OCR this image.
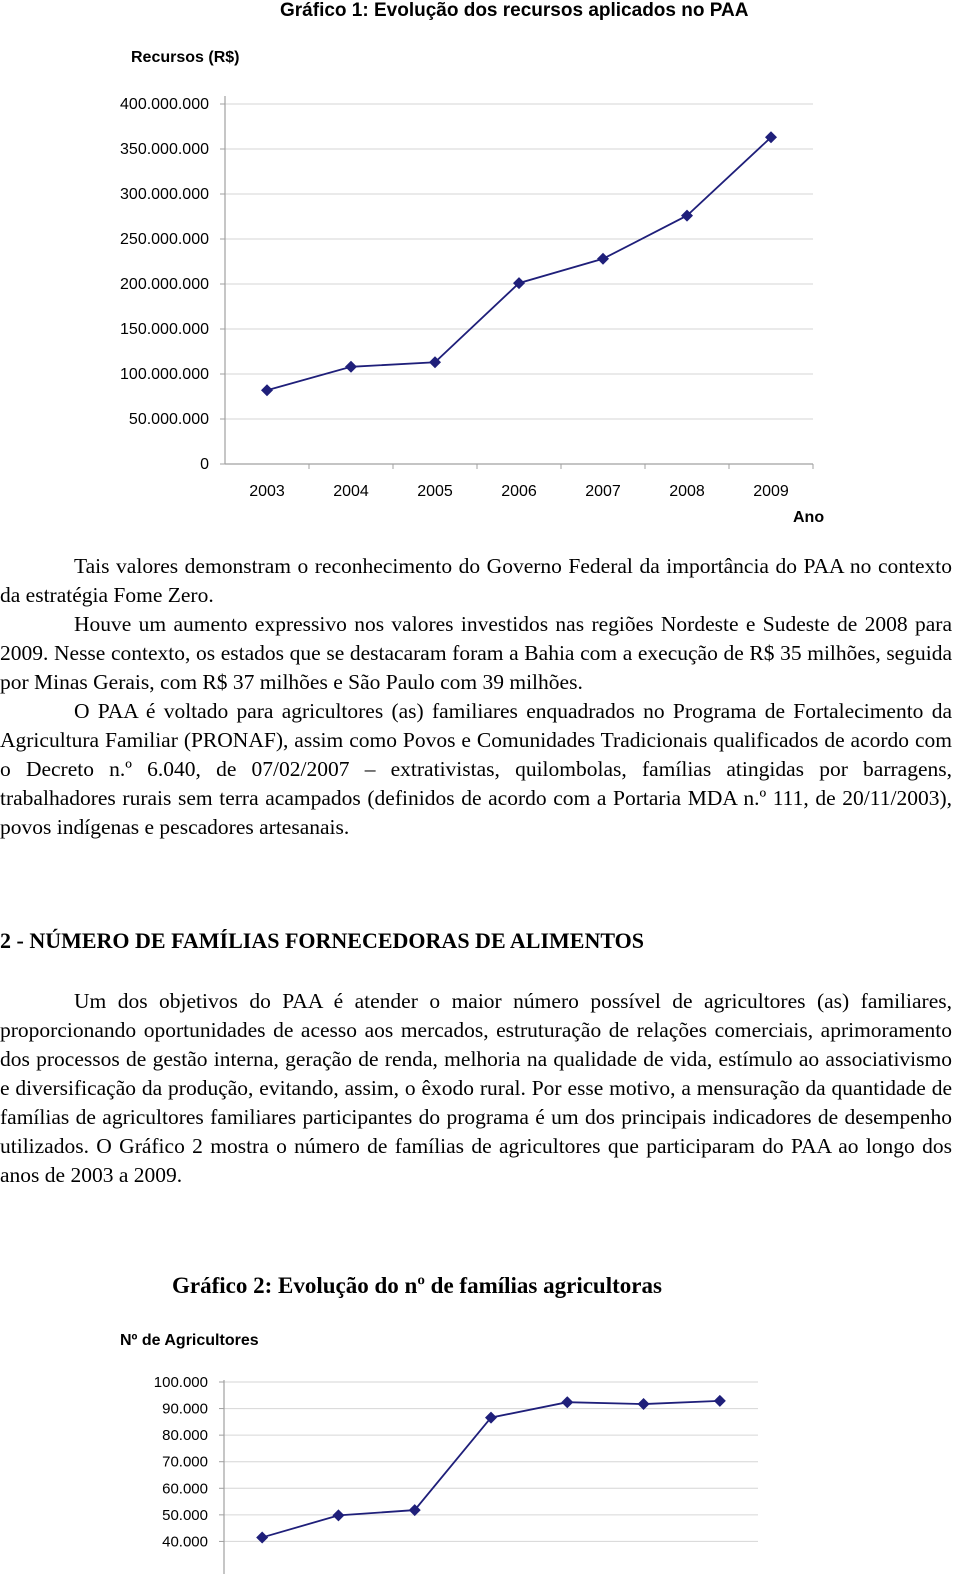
Gráfico 1: Evolução dos recursos aplicados no PAA
Recursos (R$)
0
50.000.000
100.000.000
150.000.000
200.000.000
250.000.000
300.000.000
350.000.000
400.000.000
2003	2004	2005	2006	2007	2008	2009
Ano

Tais valores demonstram o reconhecimento do Governo Federal da importância do PAA no contexto da estratégia Fome Zero.

Houve um aumento expressivo nos valores investidos nas regiões Nordeste e Sudeste de 2008 para 2009. Nesse contexto, os estados que se destacaram foram a Bahia com a execução de R$ 35 milhões, seguida por Minas Gerais, com R$ 37 milhões e São Paulo com 39 milhões.

O PAA é voltado para agricultores (as) familiares enquadrados no Programa de Fortalecimento da Agricultura Familiar (PRONAF), assim como Povos e Comunidades Tradicionais qualificados de acordo com o Decreto n.º 6.040, de 07/02/2007 – extrativistas, quilombolas, famílias atingidas por barragens, trabalhadores rurais sem terra acampados (definidos de acordo com a Portaria MDA n.º 111, de 20/11/2003), povos indígenas e pescadores artesanais.

2 - NÚMERO DE FAMÍLIAS FORNECEDORAS DE ALIMENTOS

Um dos objetivos do PAA é atender o maior número possível de agricultores (as) familiares, proporcionando oportunidades de acesso aos mercados, estruturação de relações comerciais, aprimoramento dos processos de gestão interna, geração de renda, melhoria na qualidade de vida, estímulo ao associativismo e diversificação da produção, evitando, assim, o êxodo rural. Por esse motivo, a mensuração da quantidade de famílias de agricultores familiares participantes do programa é um dos principais indicadores de desempenho utilizados. O Gráfico 2 mostra o número de famílias de agricultores que participaram do PAA ao longo dos anos de 2003 a 2009.

Gráfico 2: Evolução do nº de famílias agricultoras
Nº de Agricultores
40.000
50.000
60.000
70.000
80.000
90.000
100.000
